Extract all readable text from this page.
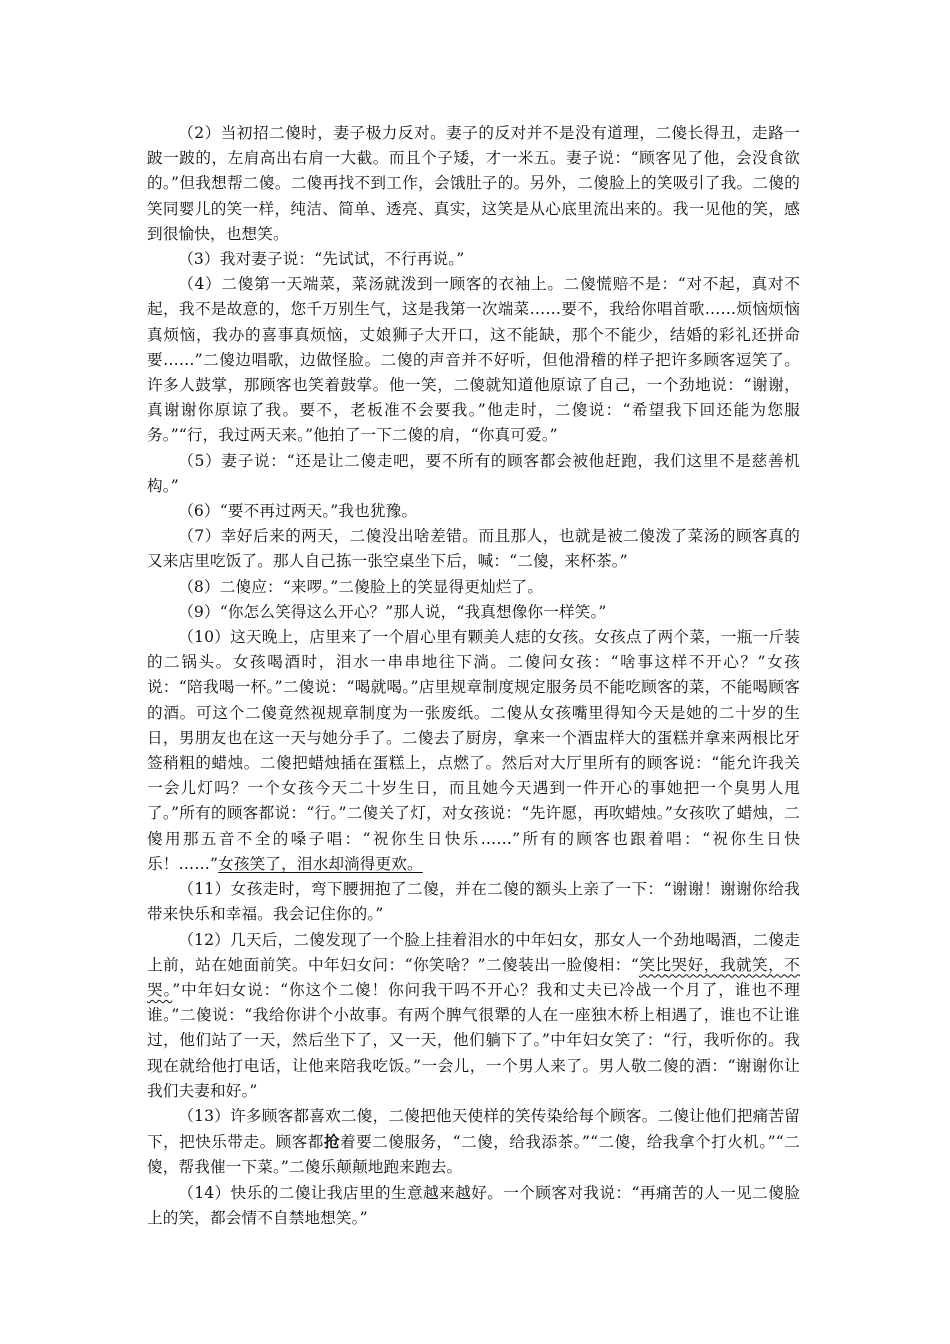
（2）当初招二傻时，妻子极力反对。妻子的反对并不是没有道理，二傻长得丑，走路一跛一跛的，左肩高出右肩一大截。而且个子矮，才一米五。妻子说：“顾客见了他，会没食欲的。”但我想帮二傻。二傻再找不到工作，会饿肚子的。另外，二傻脸上的笑吸引了我。二傻的笑同婴儿的笑一样，纯洁、简单、透亮、真实，这笑是从心底里流出来的。我一见他的笑，感到很愉快，也想笑。

（3）我对妻子说：“先试试，不行再说。”

（4）二傻第一天端菜，菜汤就泼到一顾客的衣袖上。二傻慌赔不是：“对不起，真对不起，我不是故意的，您千万别生气，这是我第一次端菜……要不，我给你唱首歌……烦恼烦恼真烦恼，我办的喜事真烦恼，丈娘狮子大开口，这不能缺，那个不能少，结婚的彩礼还拼命要……”二傻边唱歌，边做怪脸。二傻的声音并不好听，但他滑稽的样子把许多顾客逗笑了。许多人鼓掌，那顾客也笑着鼓掌。他一笑，二傻就知道他原谅了自己，一个劲地说：“谢谢，真谢谢你原谅了我。要不，老板准不会要我。”他走时，二傻说：“希望我下回还能为您服务。”“行，我过两天来。”他拍了一下二傻的肩，“你真可爱。”

（5）妻子说：“还是让二傻走吧，要不所有的顾客都会被他赶跑，我们这里不是慈善机构。”

（6）“要不再过两天。”我也犹豫。

（7）幸好后来的两天，二傻没出啥差错。而且那人，也就是被二傻泼了菜汤的顾客真的又来店里吃饭了。那人自己拣一张空桌坐下后，喊：“二傻，来杯茶。”

（8）二傻应：“来啰。”二傻脸上的笑显得更灿烂了。

（9）“你怎么笑得这么开心？”那人说，“我真想像你一样笑。”

（10）这天晚上，店里来了一个眉心里有颗美人痣的女孩。女孩点了两个菜，一瓶一斤装的二锅头。女孩喝酒时，泪水一串串地往下淌。二傻问女孩：“啥事这样不开心？”女孩说：“陪我喝一杯。”二傻说：“喝就喝。”店里规章制度规定服务员不能吃顾客的菜，不能喝顾客的酒。可这个二傻竟然视规章制度为一张废纸。二傻从女孩嘴里得知今天是她的二十岁的生日，男朋友也在这一天与她分手了。二傻去了厨房，拿来一个酒盅样大的蛋糕并拿来两根比牙签稍粗的蜡烛。二傻把蜡烛插在蛋糕上，点燃了。然后对大厅里所有的顾客说：“能允许我关一会儿灯吗？一个女孩今天二十岁生日，而且她今天遇到一件开心的事她把一个臭男人甩了。”所有的顾客都说：“行。”二傻关了灯，对女孩说：“先许愿，再吹蜡烛。”女孩吹了蜡烛，二傻用那五音不全的嗓子唱：“祝你生日快乐……”所有的顾客也跟着唱：“祝你生日快乐！……”女孩笑了，泪水却淌得更欢。

（11）女孩走时，弯下腰拥抱了二傻，并在二傻的额头上亲了一下：“谢谢！谢谢你给我带来快乐和幸福。我会记住你的。”

（12）几天后，二傻发现了一个脸上挂着泪水的中年妇女，那女人一个劲地喝酒，二傻走上前，站在她面前笑。中年妇女问：“你笑啥？”二傻装出一脸傻相：“笑比哭好，我就笑，不哭。”中年妇女说：“你这个二傻！你问我干吗不开心？我和丈夫已冷战一个月了，谁也不理谁。”二傻说：“我给你讲个小故事。有两个脾气很犟的人在一座独木桥上相遇了，谁也不让谁过，他们站了一天，然后坐下了，又一天，他们躺下了。”中年妇女笑了：“行，我听你的。我现在就给他打电话，让他来陪我吃饭。”一会儿，一个男人来了。男人敬二傻的酒：“谢谢你让我们夫妻和好。”

（13）许多顾客都喜欢二傻，二傻把他天使样的笑传染给每个顾客。二傻让他们把痛苦留下，把快乐带走。顾客都抢着要二傻服务，“二傻，给我添茶。”“二傻，给我拿个打火机。”“二傻，帮我催一下菜。”二傻乐颠颠地跑来跑去。

（14）快乐的二傻让我店里的生意越来越好。一个顾客对我说：“再痛苦的人一见二傻脸上的笑，都会情不自禁地想笑。”
